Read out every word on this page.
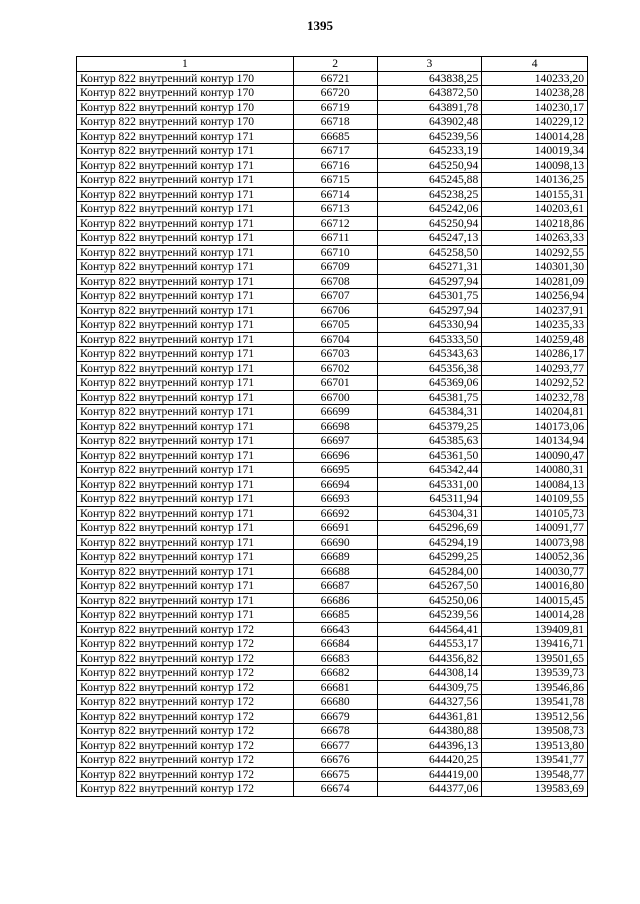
1395
1	2	3	4
Контур 822 внутренний контур 170	66721	643838,25	140233,20
Контур 822 внутренний контур 170	66720	643872,50	140238,28
Контур 822 внутренний контур 170	66719	643891,78	140230,17
Контур 822 внутренний контур 170	66718	643902,48	140229,12
Контур 822 внутренний контур 171	66685	645239,56	140014,28
Контур 822 внутренний контур 171	66717	645233,19	140019,34
Контур 822 внутренний контур 171	66716	645250,94	140098,13
Контур 822 внутренний контур 171	66715	645245,88	140136,25
Контур 822 внутренний контур 171	66714	645238,25	140155,31
Контур 822 внутренний контур 171	66713	645242,06	140203,61
Контур 822 внутренний контур 171	66712	645250,94	140218,86
Контур 822 внутренний контур 171	66711	645247,13	140263,33
Контур 822 внутренний контур 171	66710	645258,50	140292,55
Контур 822 внутренний контур 171	66709	645271,31	140301,30
Контур 822 внутренний контур 171	66708	645297,94	140281,09
Контур 822 внутренний контур 171	66707	645301,75	140256,94
Контур 822 внутренний контур 171	66706	645297,94	140237,91
Контур 822 внутренний контур 171	66705	645330,94	140235,33
Контур 822 внутренний контур 171	66704	645333,50	140259,48
Контур 822 внутренний контур 171	66703	645343,63	140286,17
Контур 822 внутренний контур 171	66702	645356,38	140293,77
Контур 822 внутренний контур 171	66701	645369,06	140292,52
Контур 822 внутренний контур 171	66700	645381,75	140232,78
Контур 822 внутренний контур 171	66699	645384,31	140204,81
Контур 822 внутренний контур 171	66698	645379,25	140173,06
Контур 822 внутренний контур 171	66697	645385,63	140134,94
Контур 822 внутренний контур 171	66696	645361,50	140090,47
Контур 822 внутренний контур 171	66695	645342,44	140080,31
Контур 822 внутренний контур 171	66694	645331,00	140084,13
Контур 822 внутренний контур 171	66693	645311,94	140109,55
Контур 822 внутренний контур 171	66692	645304,31	140105,73
Контур 822 внутренний контур 171	66691	645296,69	140091,77
Контур 822 внутренний контур 171	66690	645294,19	140073,98
Контур 822 внутренний контур 171	66689	645299,25	140052,36
Контур 822 внутренний контур 171	66688	645284,00	140030,77
Контур 822 внутренний контур 171	66687	645267,50	140016,80
Контур 822 внутренний контур 171	66686	645250,06	140015,45
Контур 822 внутренний контур 171	66685	645239,56	140014,28
Контур 822 внутренний контур 172	66643	644564,41	139409,81
Контур 822 внутренний контур 172	66684	644553,17	139416,71
Контур 822 внутренний контур 172	66683	644356,82	139501,65
Контур 822 внутренний контур 172	66682	644308,14	139539,73
Контур 822 внутренний контур 172	66681	644309,75	139546,86
Контур 822 внутренний контур 172	66680	644327,56	139541,78
Контур 822 внутренний контур 172	66679	644361,81	139512,56
Контур 822 внутренний контур 172	66678	644380,88	139508,73
Контур 822 внутренний контур 172	66677	644396,13	139513,80
Контур 822 внутренний контур 172	66676	644420,25	139541,77
Контур 822 внутренний контур 172	66675	644419,00	139548,77
Контур 822 внутренний контур 172	66674	644377,06	139583,69
